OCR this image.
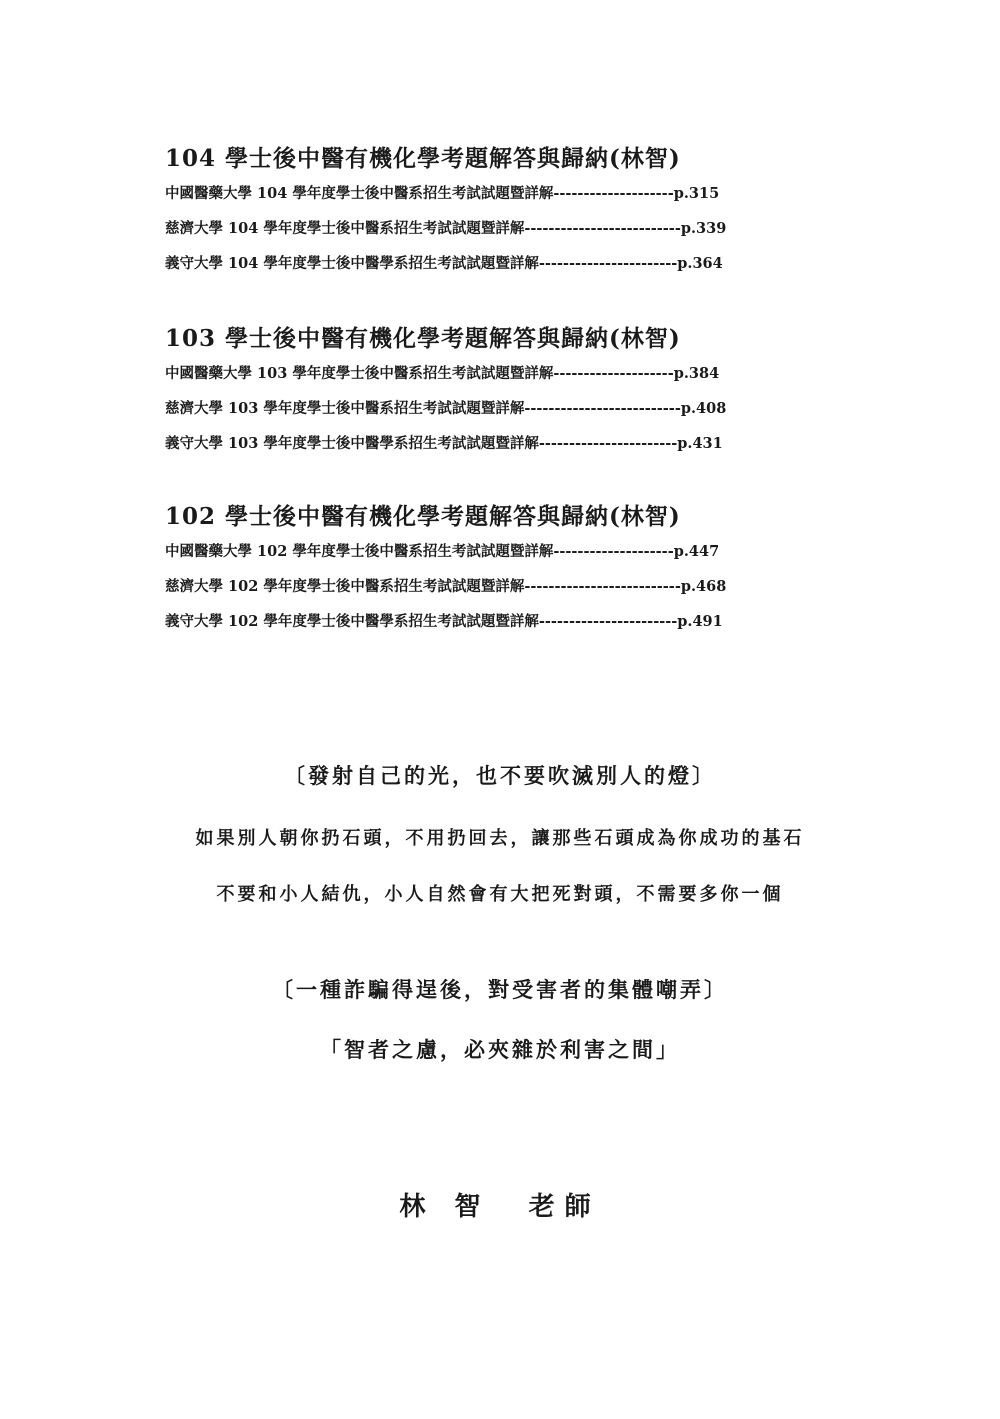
104 學士後中醫有機化學考題解答與歸納(林智)
中國醫藥大學 104 學年度學士後中醫系招生考試試題暨詳解--------------------p.315
慈濟大學 104 學年度學士後中醫系招生考試試題暨詳解--------------------------p.339
義守大學 104 學年度學士後中醫學系招生考試試題暨詳解-----------------------p.364
103 學士後中醫有機化學考題解答與歸納(林智)
中國醫藥大學 103 學年度學士後中醫系招生考試試題暨詳解--------------------p.384
慈濟大學 103 學年度學士後中醫系招生考試試題暨詳解--------------------------p.408
義守大學 103 學年度學士後中醫學系招生考試試題暨詳解-----------------------p.431
102 學士後中醫有機化學考題解答與歸納(林智)
中國醫藥大學 102 學年度學士後中醫系招生考試試題暨詳解--------------------p.447
慈濟大學 102 學年度學士後中醫系招生考試試題暨詳解--------------------------p.468
義守大學 102 學年度學士後中醫學系招生考試試題暨詳解-----------------------p.491
〔發射自己的光，也不要吹滅別人的燈〕
如果別人朝你扔石頭，不用扔回去，讓那些石頭成為你成功的基石
不要和小人結仇，小人自然會有大把死對頭，不需要多你一個
〔一種詐騙得逞後，對受害者的集體嘲弄〕
「智者之慮，必夾雜於利害之間」
林 智  老師
